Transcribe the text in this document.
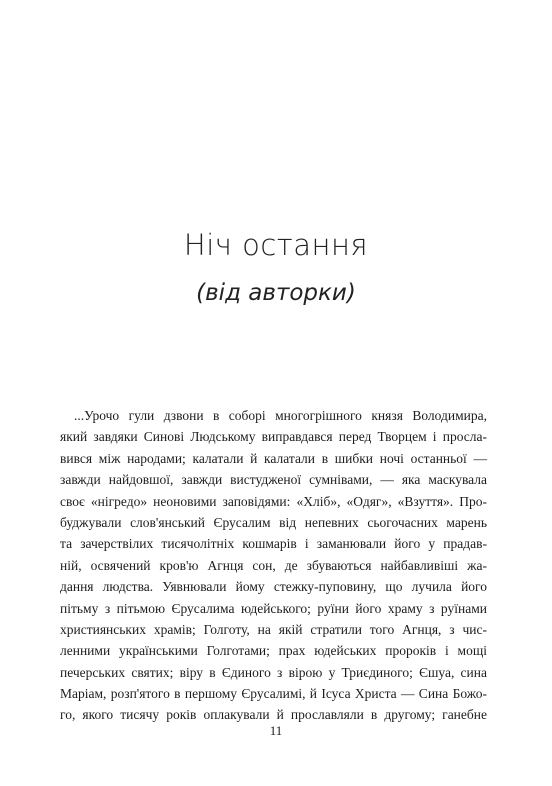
Ніч остання
(від авторки)
...Урочо гули дзвони в соборі многогрішного князя Володимира,
який завдяки Синові Людському виправдався перед Творцем і просла-
вився між народами; калатали й калатали в шибки ночі останньої —
завжди найдовшої, завжди вистудженої сумнівами, — яка маскувала
своє «нігредо» неоновими заповідями: «Хліб», «Одяг», «Взуття». Про-
буджували слов'янський Єрусалим від непевних сьогочасних марень
та зачерствілих тисячолітніх кошмарів і заманювали його у прадав-
ній, освячений кров'ю Агнця сон, де збуваються найбавливіші жа-
дання людства. Уявнювали йому стежку-пуповину, що лучила його
пітьму з пітьмою Єрусалима юдейського; руїни його храму з руїнами
християнських храмів; Голготу, на якій стратили того Агнця, з чис-
ленними українськими Голготами; прах юдейських пророків і мощі
печерських святих; віру в Єдиного з вірою у Триєдиного; Єшуа, сина
Маріам, розп'ятого в першому Єрусалимі, й Ісуса Христа — Сина Божо-
го, якого тисячу років оплакували й прославляли в другому; ганебне
11
